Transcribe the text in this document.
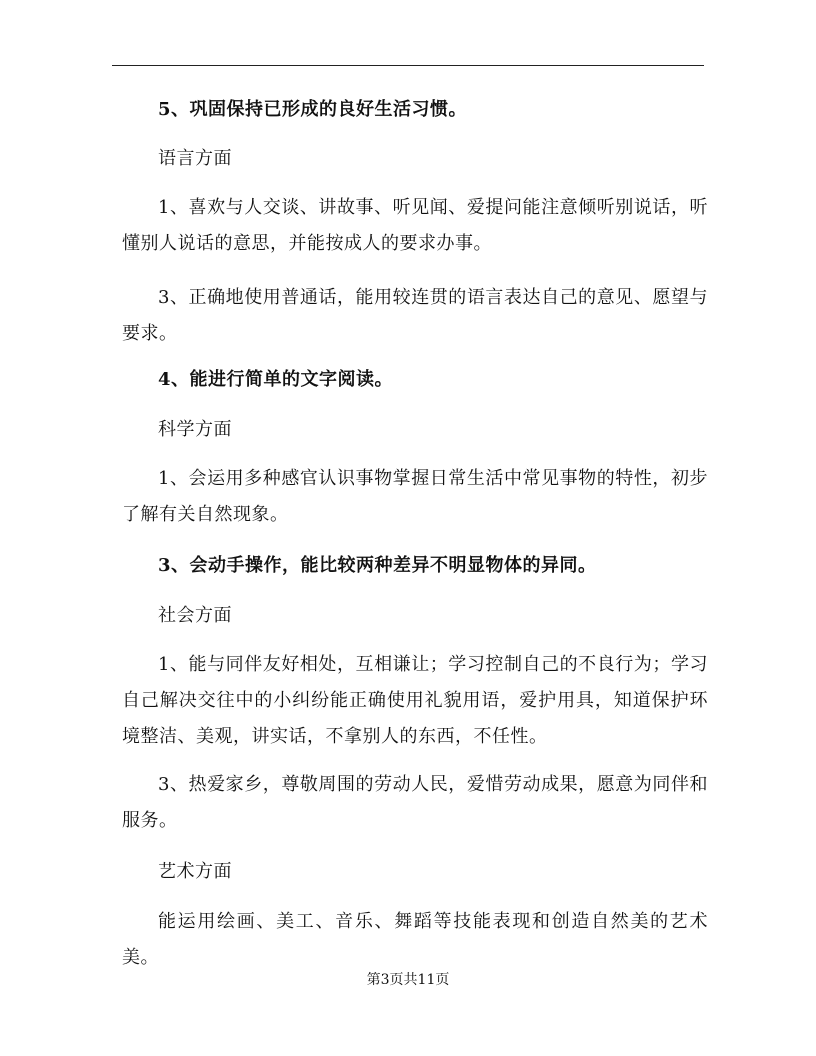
5、巩固保持已形成的良好生活习惯。

语言方面

1、喜欢与人交谈、讲故事、听见闻、爱提问能注意倾听别说话，听懂别人说话的意思，并能按成人的要求办事。

3、正确地使用普通话，能用较连贯的语言表达自己的意见、愿望与要求。

4、能进行简单的文字阅读。

科学方面

1、会运用多种感官认识事物掌握日常生活中常见事物的特性，初步了解有关自然现象。

3、会动手操作，能比较两种差异不明显物体的异同。

社会方面

1、能与同伴友好相处，互相谦让；学习控制自己的不良行为；学习自己解决交往中的小纠纷能正确使用礼貌用语，爱护用具，知道保护环境整洁、美观，讲实话，不拿别人的东西，不任性。

3、热爱家乡，尊敬周围的劳动人民，爱惜劳动成果，愿意为同伴和服务。

艺术方面

能运用绘画、美工、音乐、舞蹈等技能表现和创造自然美的艺术美。

第3页共11页
